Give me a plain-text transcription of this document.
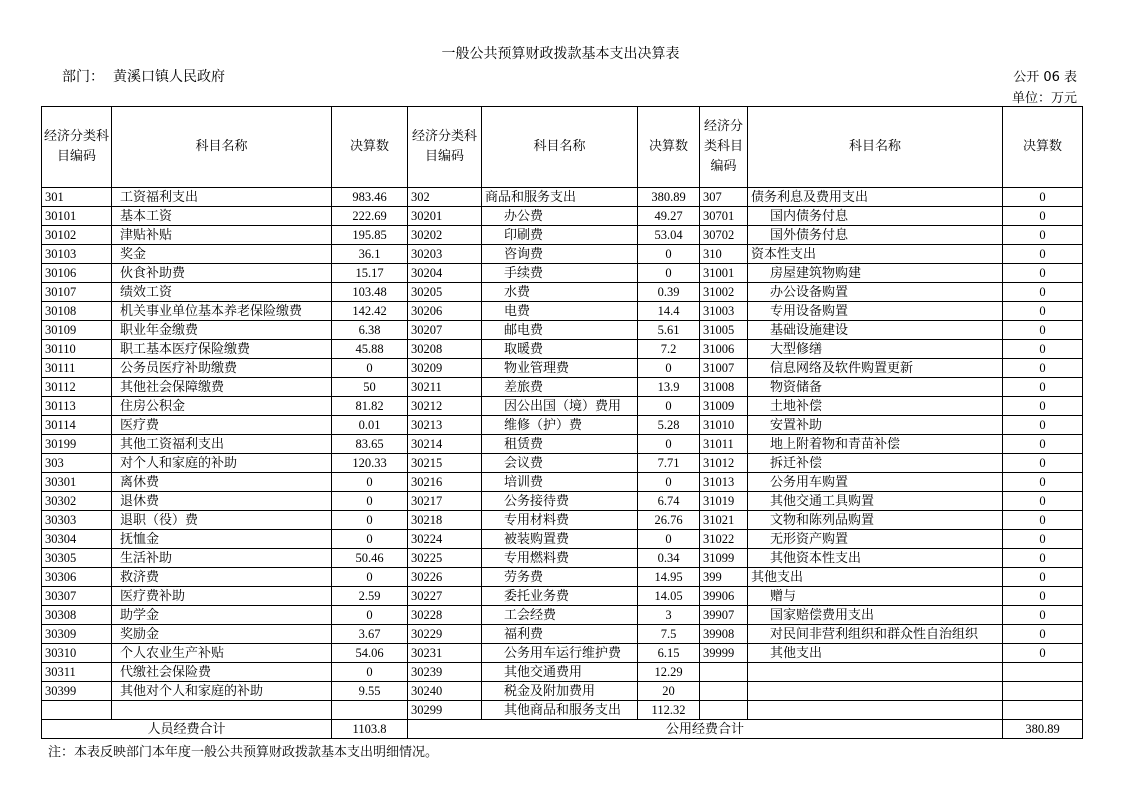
一般公共预算财政拨款基本支出决算表
部门： 黄溪口镇人民政府	公开 06 表
单位：万元
经济分类科目编码	科目名称	决算数	经济分类科目编码	科目名称	决算数	经济分类科目编码	科目名称	决算数
301	工资福利支出	983.46	302	商品和服务支出	380.89	307	债务利息及费用支出	0
30101	基本工资	222.69	30201	办公费	49.27	30701	国内债务付息	0
30102	津贴补贴	195.85	30202	印刷费	53.04	30702	国外债务付息	0
30103	奖金	36.1	30203	咨询费	0	310	资本性支出	0
30106	伙食补助费	15.17	30204	手续费	0	31001	房屋建筑物购建	0
30107	绩效工资	103.48	30205	水费	0.39	31002	办公设备购置	0
30108	机关事业单位基本养老保险缴费	142.42	30206	电费	14.4	31003	专用设备购置	0
30109	职业年金缴费	6.38	30207	邮电费	5.61	31005	基础设施建设	0
30110	职工基本医疗保险缴费	45.88	30208	取暖费	7.2	31006	大型修缮	0
30111	公务员医疗补助缴费	0	30209	物业管理费	0	31007	信息网络及软件购置更新	0
30112	其他社会保障缴费	50	30211	差旅费	13.9	31008	物资储备	0
30113	住房公积金	81.82	30212	因公出国（境）费用	0	31009	土地补偿	0
30114	医疗费	0.01	30213	维修（护）费	5.28	31010	安置补助	0
30199	其他工资福利支出	83.65	30214	租赁费	0	31011	地上附着物和青苗补偿	0
303	对个人和家庭的补助	120.33	30215	会议费	7.71	31012	拆迁补偿	0
30301	离休费	0	30216	培训费	0	31013	公务用车购置	0
30302	退休费	0	30217	公务接待费	6.74	31019	其他交通工具购置	0
30303	退职（役）费	0	30218	专用材料费	26.76	31021	文物和陈列品购置	0
30304	抚恤金	0	30224	被装购置费	0	31022	无形资产购置	0
30305	生活补助	50.46	30225	专用燃料费	0.34	31099	其他资本性支出	0
30306	救济费	0	30226	劳务费	14.95	399	其他支出	0
30307	医疗费补助	2.59	30227	委托业务费	14.05	39906	赠与	0
30308	助学金	0	30228	工会经费	3	39907	国家赔偿费用支出	0
30309	奖励金	3.67	30229	福利费	7.5	39908	对民间非营利组织和群众性自治组织	0
30310	个人农业生产补贴	54.06	30231	公务用车运行维护费	6.15	39999	其他支出	0
30311	代缴社会保险费	0	30239	其他交通费用	12.29			
30399	其他对个人和家庭的补助	9.55	30240	税金及附加费用	20			
			30299	其他商品和服务支出	112.32			
人员经费合计		1103.8	公用经费合计					380.89
注：本表反映部门本年度一般公共预算财政拨款基本支出明细情况。
